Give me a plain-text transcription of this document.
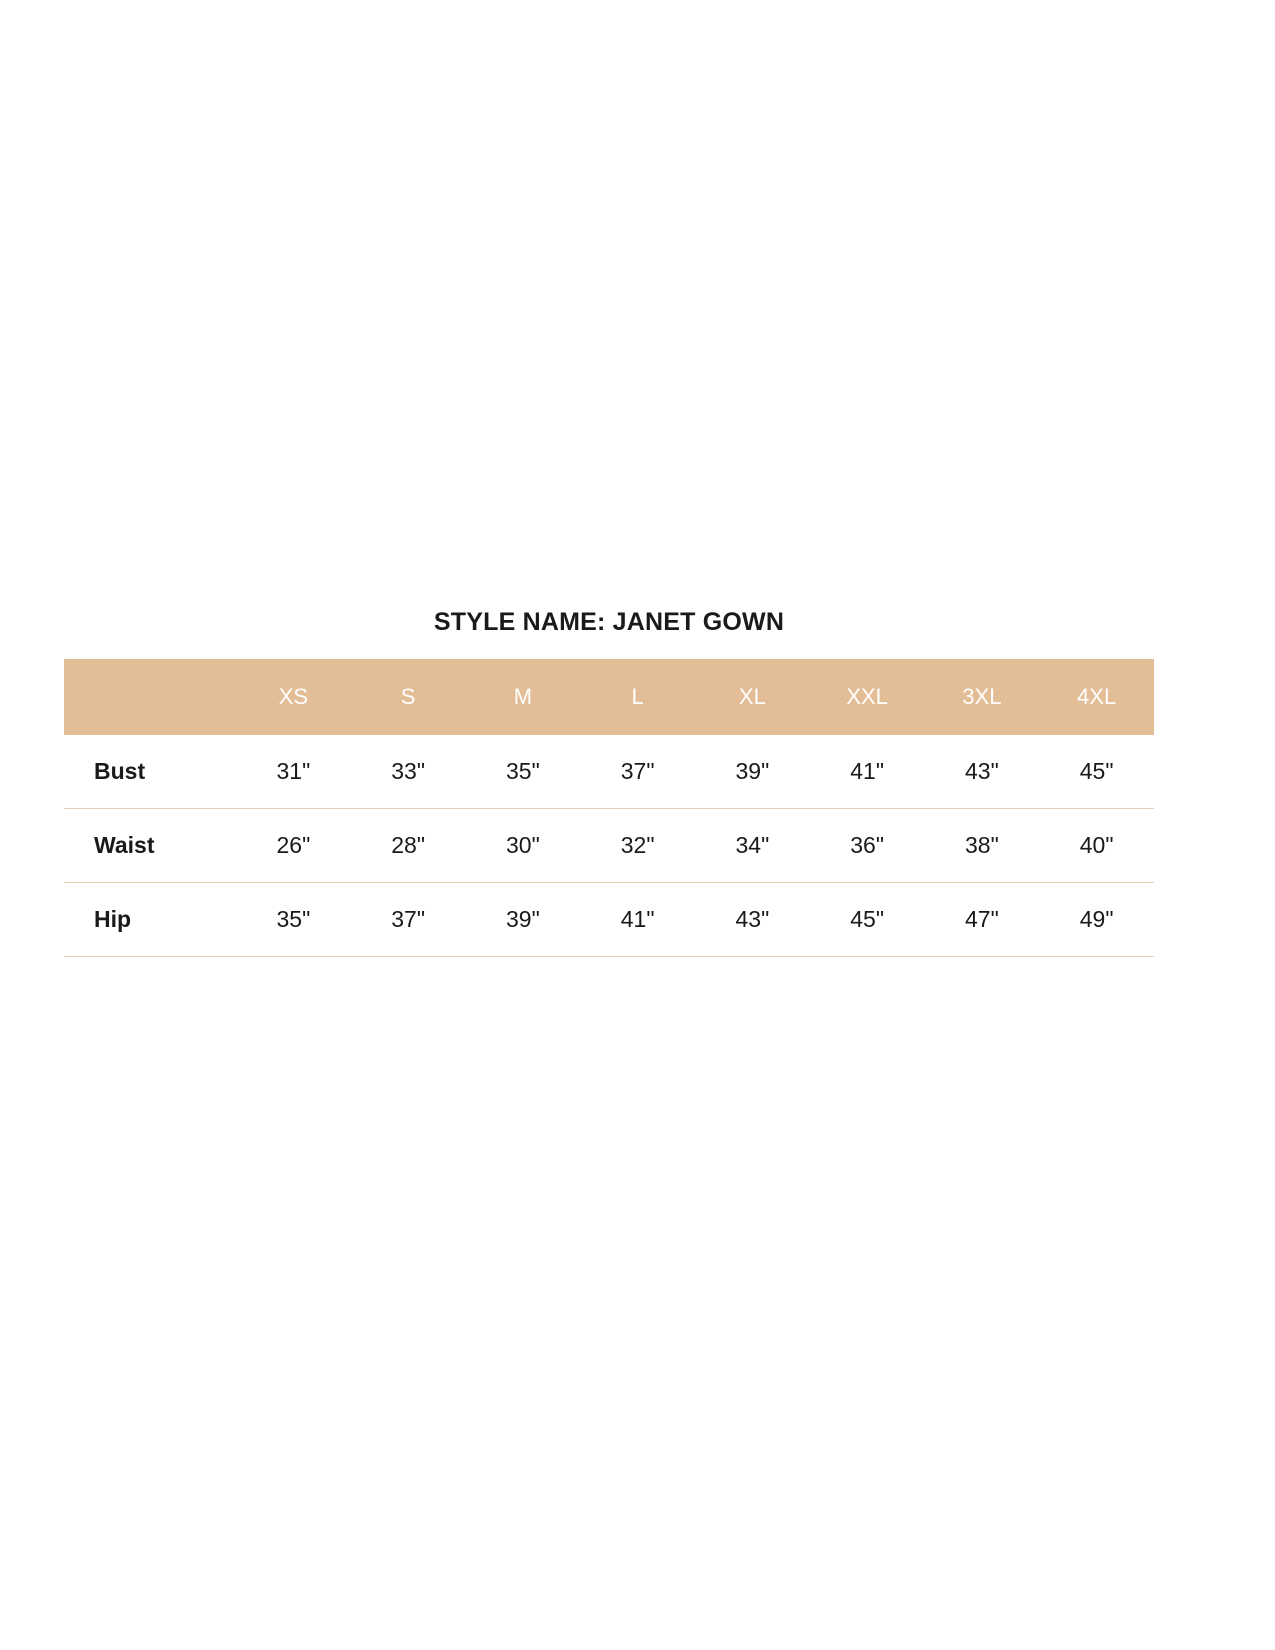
STYLE NAME: JANET GOWN
	XS	S	M	L	XL	XXL	3XL	4XL
Bust	31"	33"	35"	37"	39"	41"	43"	45"
Waist	26"	28"	30"	32"	34"	36"	38"	40"
Hip	35"	37"	39"	41"	43"	45"	47"	49"
